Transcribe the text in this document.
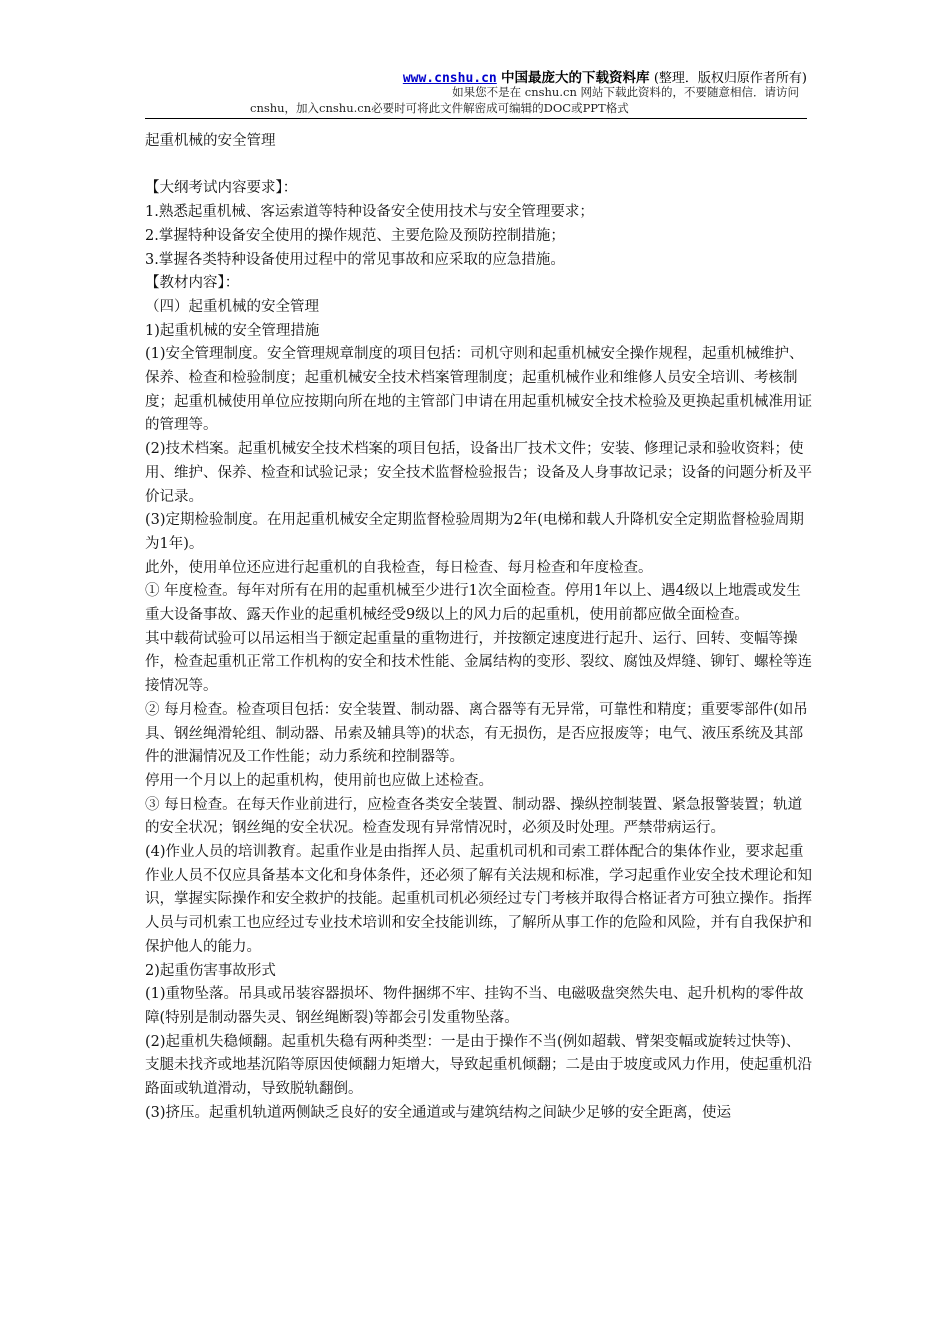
www.cnshu.cn 中国最庞大的下载资料库 (整理．版权归原作者所有)
如果您不是在 cnshu.cn 网站下载此资料的，不要随意相信．请访问
cnshu，加入cnshu.cn必要时可将此文件解密成可编辑的DOC或PPT格式

起重机械的安全管理

【大纲考试内容要求】：

1.熟悉起重机械、客运索道等特种设备安全使用技术与安全管理要求；

2.掌握特种设备安全使用的操作规范、主要危险及预防控制措施；

3.掌握各类特种设备使用过程中的常见事故和应采取的应急措施。

【教材内容】：

（四）起重机械的安全管理

1)起重机械的安全管理措施

(1)安全管理制度。安全管理规章制度的项目包括：司机守则和起重机械安全操作规程，起重机械维护、保养、检查和检验制度；起重机械安全技术档案管理制度；起重机械作业和维修人员安全培训、考核制度；起重机械使用单位应按期向所在地的主管部门申请在用起重机械安全技术检验及更换起重机械准用证的管理等。

(2)技术档案。起重机械安全技术档案的项目包括，设备出厂技术文件；安装、修理记录和验收资料；使用、维护、保养、检查和试验记录；安全技术监督检验报告；设备及人身事故记录；设备的问题分析及平价记录。

(3)定期检验制度。在用起重机械安全定期监督检验周期为2年(电梯和载人升降机安全定期监督检验周期为1年)。

此外，使用单位还应进行起重机的自我检查，每日检查、每月检查和年度检查。

① 年度检查。每年对所有在用的起重机械至少进行1次全面检查。停用1年以上、遇4级以上地震或发生重大设备事故、露天作业的起重机械经受9级以上的风力后的起重机，使用前都应做全面检查。

其中载荷试验可以吊运相当于额定起重量的重物进行，并按额定速度进行起升、运行、回转、变幅等操作，检查起重机正常工作机构的安全和技术性能、金属结构的变形、裂纹、腐蚀及焊缝、铆钉、螺栓等连接情况等。

② 每月检查。检查项目包括：安全装置、制动器、离合器等有无异常，可靠性和精度；重要零部件(如吊具、钢丝绳滑轮组、制动器、吊索及辅具等)的状态，有无损伤，是否应报废等；电气、液压系统及其部件的泄漏情况及工作性能；动力系统和控制器等。

停用一个月以上的起重机构，使用前也应做上述检查。

③ 每日检查。在每天作业前进行，应检查各类安全装置、制动器、操纵控制装置、紧急报警装置；轨道的安全状况；钢丝绳的安全状况。检查发现有异常情况时，必须及时处理。严禁带病运行。

(4)作业人员的培训教育。起重作业是由指挥人员、起重机司机和司索工群体配合的集体作业，要求起重作业人员不仅应具备基本文化和身体条件，还必须了解有关法规和标准，学习起重作业安全技术理论和知识，掌握实际操作和安全救护的技能。起重机司机必须经过专门考核并取得合格证者方可独立操作。指挥人员与司机索工也应经过专业技术培训和安全技能训练，了解所从事工作的危险和风险，并有自我保护和保护他人的能力。

2)起重伤害事故形式

(1)重物坠落。吊具或吊装容器损坏、物件捆绑不牢、挂钩不当、电磁吸盘突然失电、起升机构的零件故障(特别是制动器失灵、钢丝绳断裂)等都会引发重物坠落。

(2)起重机失稳倾翻。起重机失稳有两种类型：一是由于操作不当(例如超载、臂架变幅或旋转过快等)、支腿未找齐或地基沉陷等原因使倾翻力矩增大，导致起重机倾翻；二是由于坡度或风力作用，使起重机沿路面或轨道滑动，导致脱轨翻倒。

(3)挤压。起重机轨道两侧缺乏良好的安全通道或与建筑结构之间缺少足够的安全距离，使运
